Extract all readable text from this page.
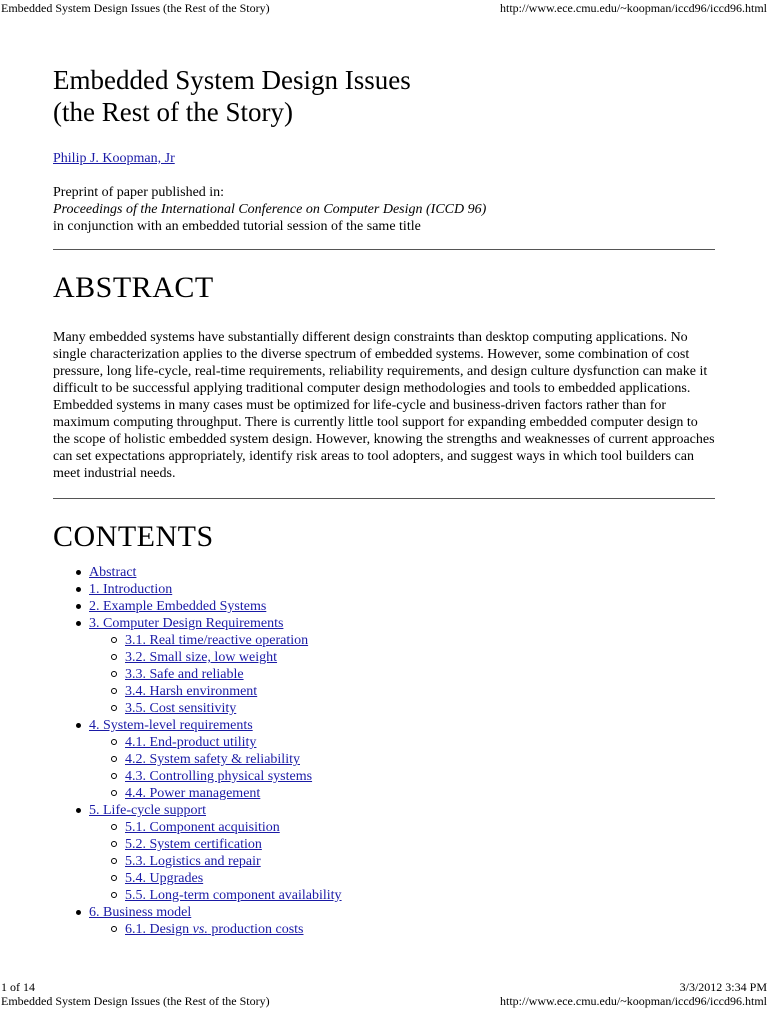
Embedded System Design Issues (the Rest of the Story)	http://www.ece.cmu.edu/~koopman/iccd96/iccd96.html
Embedded System Design Issues
(the Rest of the Story)
Philip J. Koopman, Jr
Preprint of paper published in:
Proceedings of the International Conference on Computer Design (ICCD 96)
in conjunction with an embedded tutorial session of the same title
ABSTRACT
Many embedded systems have substantially different design constraints than desktop computing applications. No single characterization applies to the diverse spectrum of embedded systems. However, some combination of cost pressure, long life-cycle, real-time requirements, reliability requirements, and design culture dysfunction can make it difficult to be successful applying traditional computer design methodologies and tools to embedded applications. Embedded systems in many cases must be optimized for life-cycle and business-driven factors rather than for maximum computing throughput. There is currently little tool support for expanding embedded computer design to the scope of holistic embedded system design. However, knowing the strengths and weaknesses of current approaches can set expectations appropriately, identify risk areas to tool adopters, and suggest ways in which tool builders can meet industrial needs.
CONTENTS
Abstract
1. Introduction
2. Example Embedded Systems
3. Computer Design Requirements
3.1. Real time/reactive operation
3.2. Small size, low weight
3.3. Safe and reliable
3.4. Harsh environment
3.5. Cost sensitivity
4. System-level requirements
4.1. End-product utility
4.2. System safety & reliability
4.3. Controlling physical systems
4.4. Power management
5. Life-cycle support
5.1. Component acquisition
5.2. System certification
5.3. Logistics and repair
5.4. Upgrades
5.5. Long-term component availability
6. Business model
6.1. Design vs. production costs
1 of 14	3/3/2012 3:34 PM
Embedded System Design Issues (the Rest of the Story)	http://www.ece.cmu.edu/~koopman/iccd96/iccd96.html
